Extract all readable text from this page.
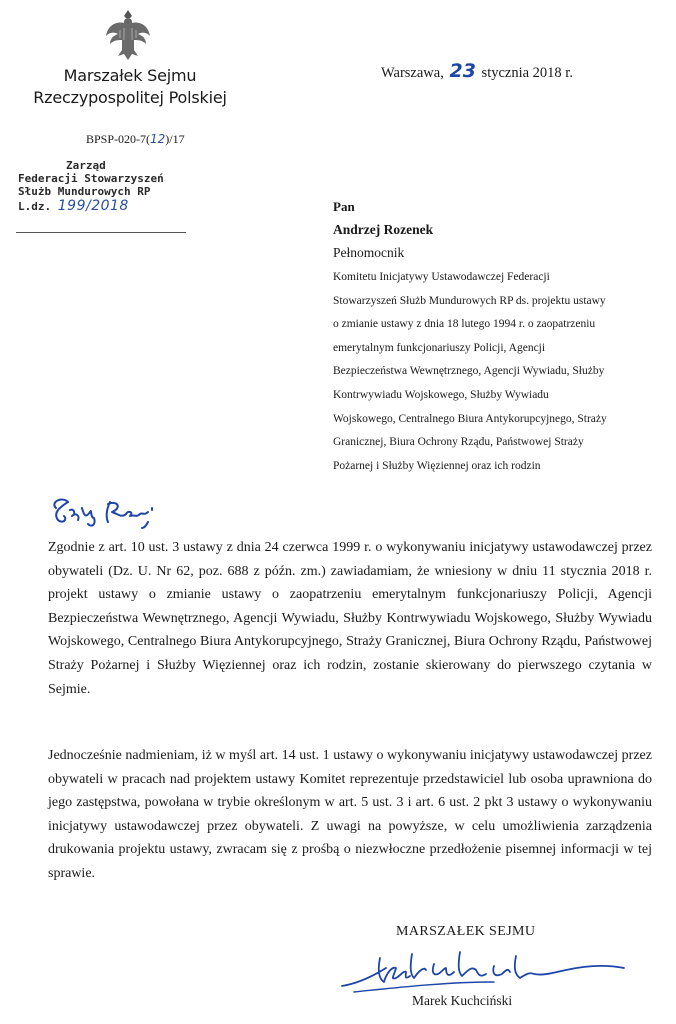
Marszałek Sejmu
Rzeczypospolitej Polskiej
BPSP-020-7(12)/17
Warszawa, 23 stycznia 2018 r.
Zarząd
Federacji Stowarzyszeń
Służb Mundurowych RP
L.dz. 199/2018	Pan
Andrzej Rozenek
Pełnomocnik
Komitetu Inicjatywy Ustawodawczej Federacji
Stowarzyszeń Służb Mundurowych RP ds. projektu ustawy
o zmianie ustawy z dnia 18 lutego 1994 r. o zaopatrzeniu
emerytalnym funkcjonariuszy Policji, Agencji
Bezpieczeństwa Wewnętrznego, Agencji Wywiadu, Służby
Kontrwywiadu Wojskowego, Służby Wywiadu
Wojskowego, Centralnego Biura Antykorupcyjnego, Straży
Granicznej, Biura Ochrony Rządu, Państwowej Straży
Pożarnej i Służby Więziennej oraz ich rodzin
Zgodnie z art. 10 ust. 3 ustawy z dnia 24 czerwca 1999 r. o wykonywaniu inicjatywy ustawodawczej przez obywateli (Dz. U. Nr 62, poz. 688 z późn. zm.) zawiadamiam, że wniesiony w dniu 11 stycznia 2018 r. projekt ustawy o zmianie ustawy o zaopatrzeniu emerytalnym funkcjonariuszy Policji, Agencji Bezpieczeństwa Wewnętrznego, Agencji Wywiadu, Służby Kontrwywiadu Wojskowego, Służby Wywiadu Wojskowego, Centralnego Biura Antykorupcyjnego, Straży Granicznej, Biura Ochrony Rządu, Państwowej Straży Pożarnej i Służby Więziennej oraz ich rodzin, zostanie skierowany do pierwszego czytania w Sejmie.
Jednocześnie nadmieniam, iż w myśl art. 14 ust. 1 ustawy o wykonywaniu inicjatywy ustawodawczej przez obywateli w pracach nad projektem ustawy Komitet reprezentuje przedstawiciel lub osoba uprawniona do jego zastępstwa, powołana w trybie określonym w art. 5 ust. 3 i art. 6 ust. 2 pkt 3 ustawy o wykonywaniu inicjatywy ustawodawczej przez obywateli. Z uwagi na powyższe, w celu umożliwienia zarządzenia drukowania projektu ustawy, zwracam się z prośbą o niezwłoczne przedłożenie pisemnej informacji w tej sprawie.
MARSZAŁEK SEJMU
Marek Kuchciński
